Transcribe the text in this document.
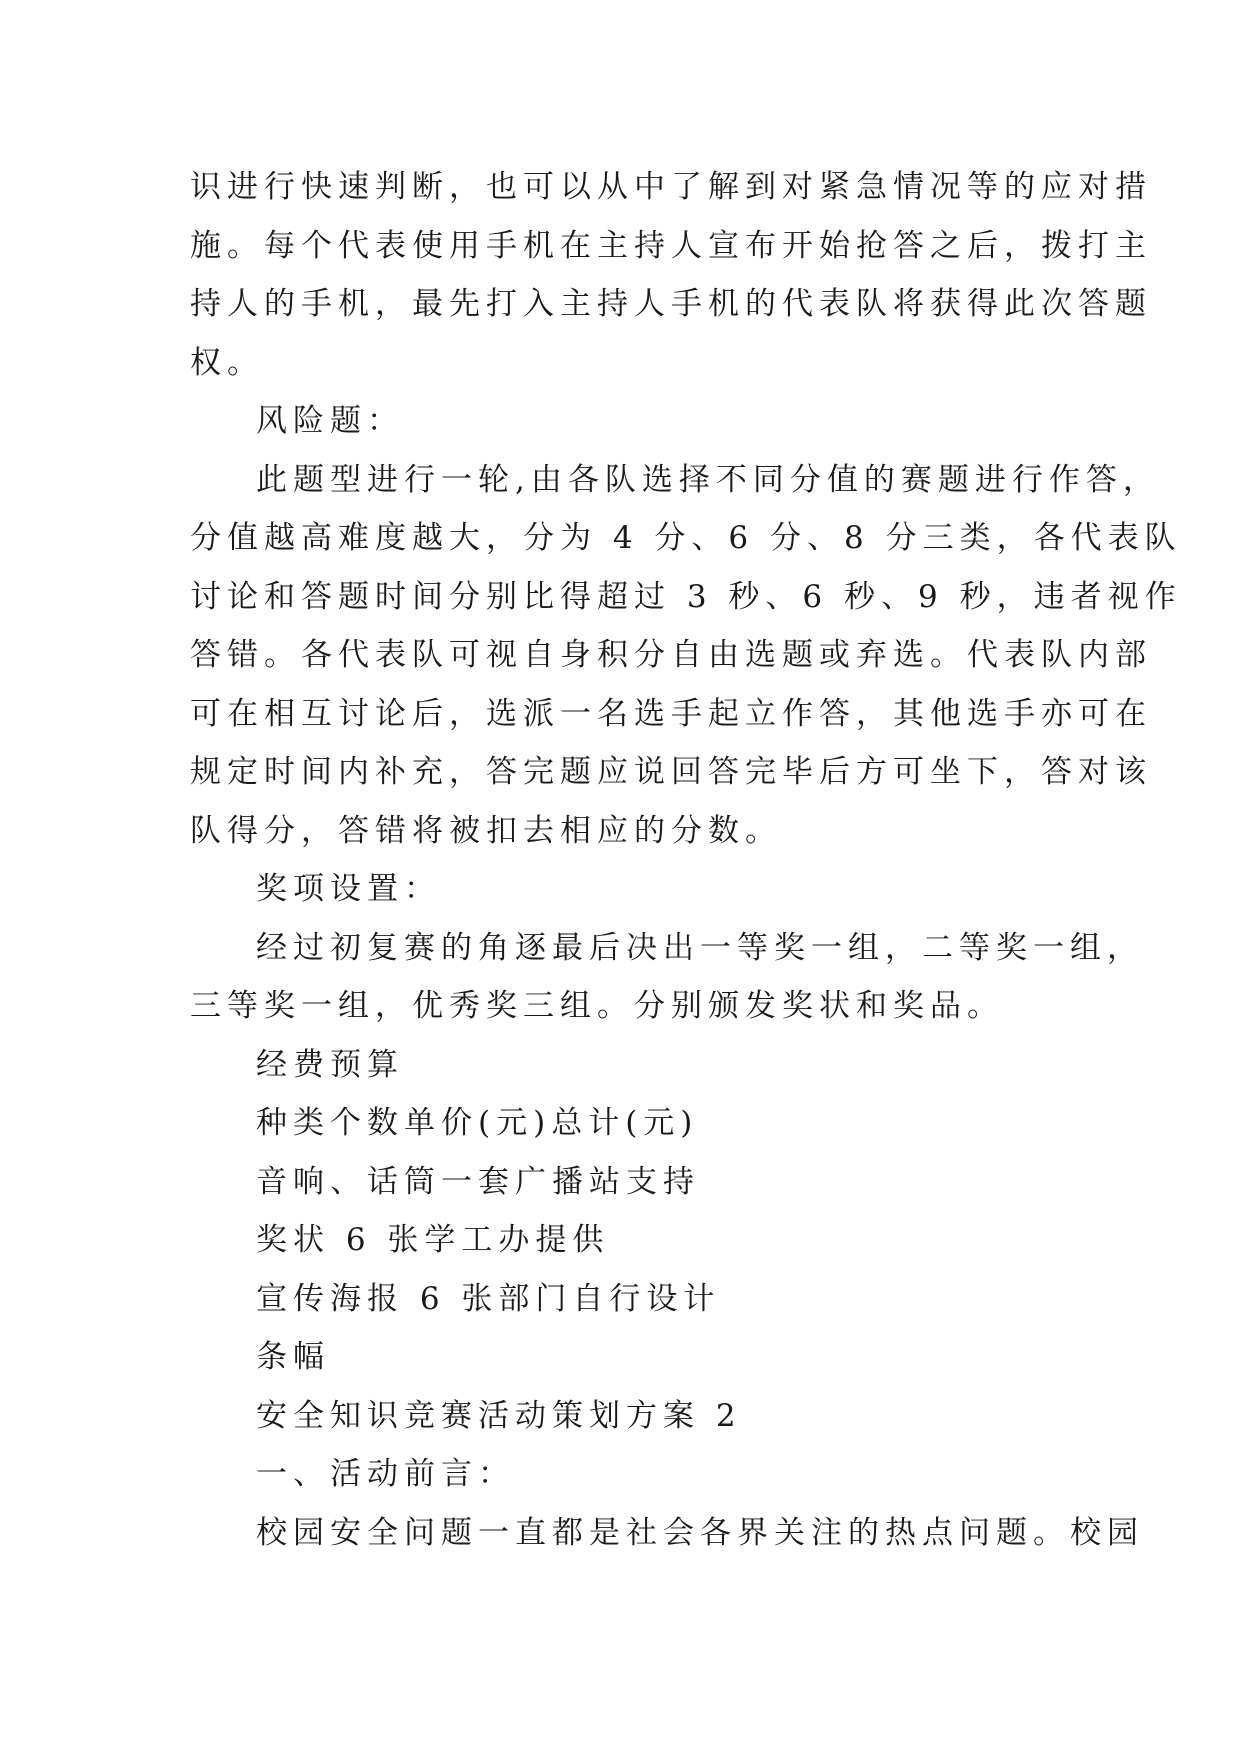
识进行快速判断，也可以从中了解到对紧急情况等的应对措
施。每个代表使用手机在主持人宣布开始抢答之后，拨打主
持人的手机，最先打入主持人手机的代表队将获得此次答题
权。
风险题：
此题型进行一轮,由各队选择不同分值的赛题进行作答，
分值越高难度越大，分为 4 分、6 分、8 分三类，各代表队
讨论和答题时间分别比得超过 3 秒、6 秒、9 秒，违者视作
答错。各代表队可视自身积分自由选题或弃选。代表队内部
可在相互讨论后，选派一名选手起立作答，其他选手亦可在
规定时间内补充，答完题应说回答完毕后方可坐下，答对该
队得分，答错将被扣去相应的分数。
奖项设置：
经过初复赛的角逐最后决出一等奖一组，二等奖一组，
三等奖一组，优秀奖三组。分别颁发奖状和奖品。
经费预算
种类个数单价(元)总计(元)
音响、话筒一套广播站支持
奖状 6 张学工办提供
宣传海报 6 张部门自行设计
条幅
安全知识竞赛活动策划方案 2
一、活动前言：
校园安全问题一直都是社会各界关注的热点问题。校园
